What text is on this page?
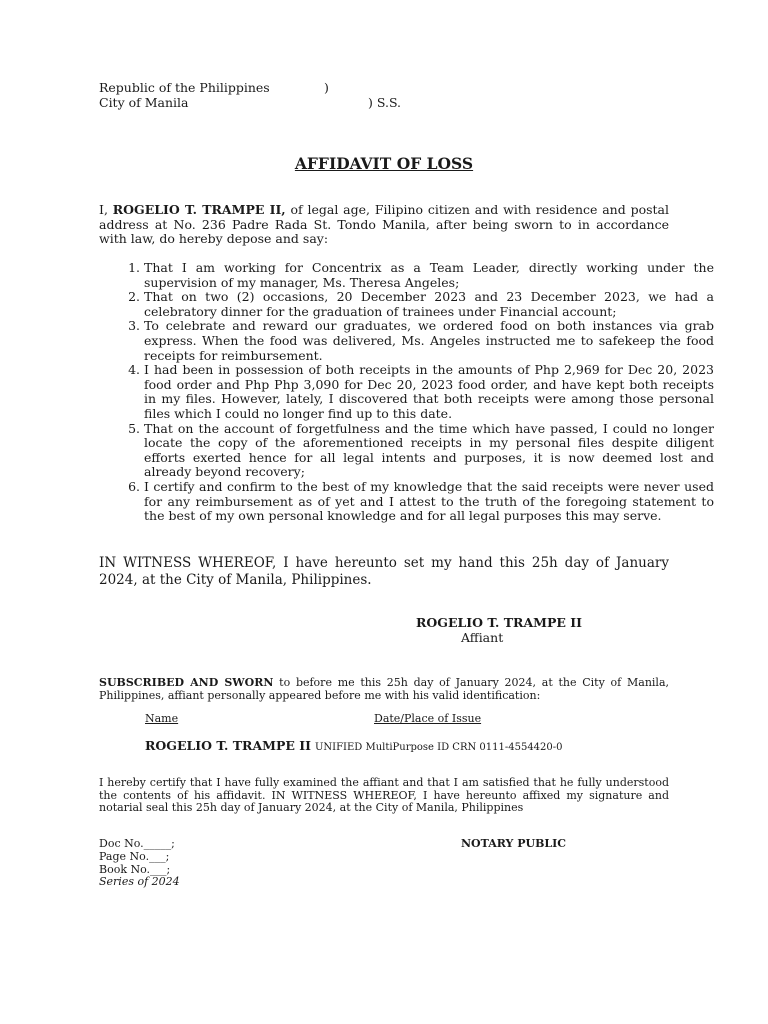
Republic of the Philippines	)
City of Manila	) S.S.
AFFIDAVIT OF LOSS

I, ROGELIO T. TRAMPE II, of legal age, Filipino citizen and with residence and postal address at No. 236 Padre Rada St. Tondo Manila, after being sworn to in accordance with law, do hereby depose and say:

1. That I am working for Concentrix as a Team Leader, directly working under the supervision of my manager, Ms. Theresa Angeles;
2. That on two (2) occasions, 20 December 2023 and 23 December 2023, we had a celebratory dinner for the graduation of trainees under Financial account;
3. To celebrate and reward our graduates, we ordered food on both instances via grab express. When the food was delivered, Ms. Angeles instructed me to safekeep the food receipts for reimbursement.
4. I had been in possession of both receipts in the amounts of Php 2,969 for Dec 20, 2023 food order and Php Php 3,090 for Dec 20, 2023 food order, and have kept both receipts in my files. However, lately, I discovered that both receipts were among those personal files which I could no longer find up to this date.
5. That on the account of forgetfulness and the time which have passed, I could no longer locate the copy of the aforementioned receipts in my personal files despite diligent efforts exerted hence for all legal intents and purposes, it is now deemed lost and already beyond recovery;
6. I certify and confirm to the best of my knowledge that the said receipts were never used for any reimbursement as of yet and I attest to the truth of the foregoing statement to the best of my own personal knowledge and for all legal purposes this may serve.

IN WITNESS WHEREOF, I have hereunto set my hand this 25h day of January 2024, at the City of Manila, Philippines.

ROGELIO T. TRAMPE II
Affiant

SUBSCRIBED AND SWORN to before me this 25h day of January 2024, at the City of Manila, Philippines, affiant personally appeared before me with his valid identification:

Name	Date/Place of Issue
ROGELIO T. TRAMPE II UNIFIED MultiPurpose ID CRN 0111-4554420-0

I hereby certify that I have fully examined the affiant and that I am satisfied that he fully understood the contents of his affidavit. IN WITNESS WHEREOF, I have hereunto affixed my signature and notarial seal this 25h day of January 2024, at the City of Manila, Philippines

Doc No._____;
Page No.___;
Book No.___;
Series of 2024
NOTARY PUBLIC
